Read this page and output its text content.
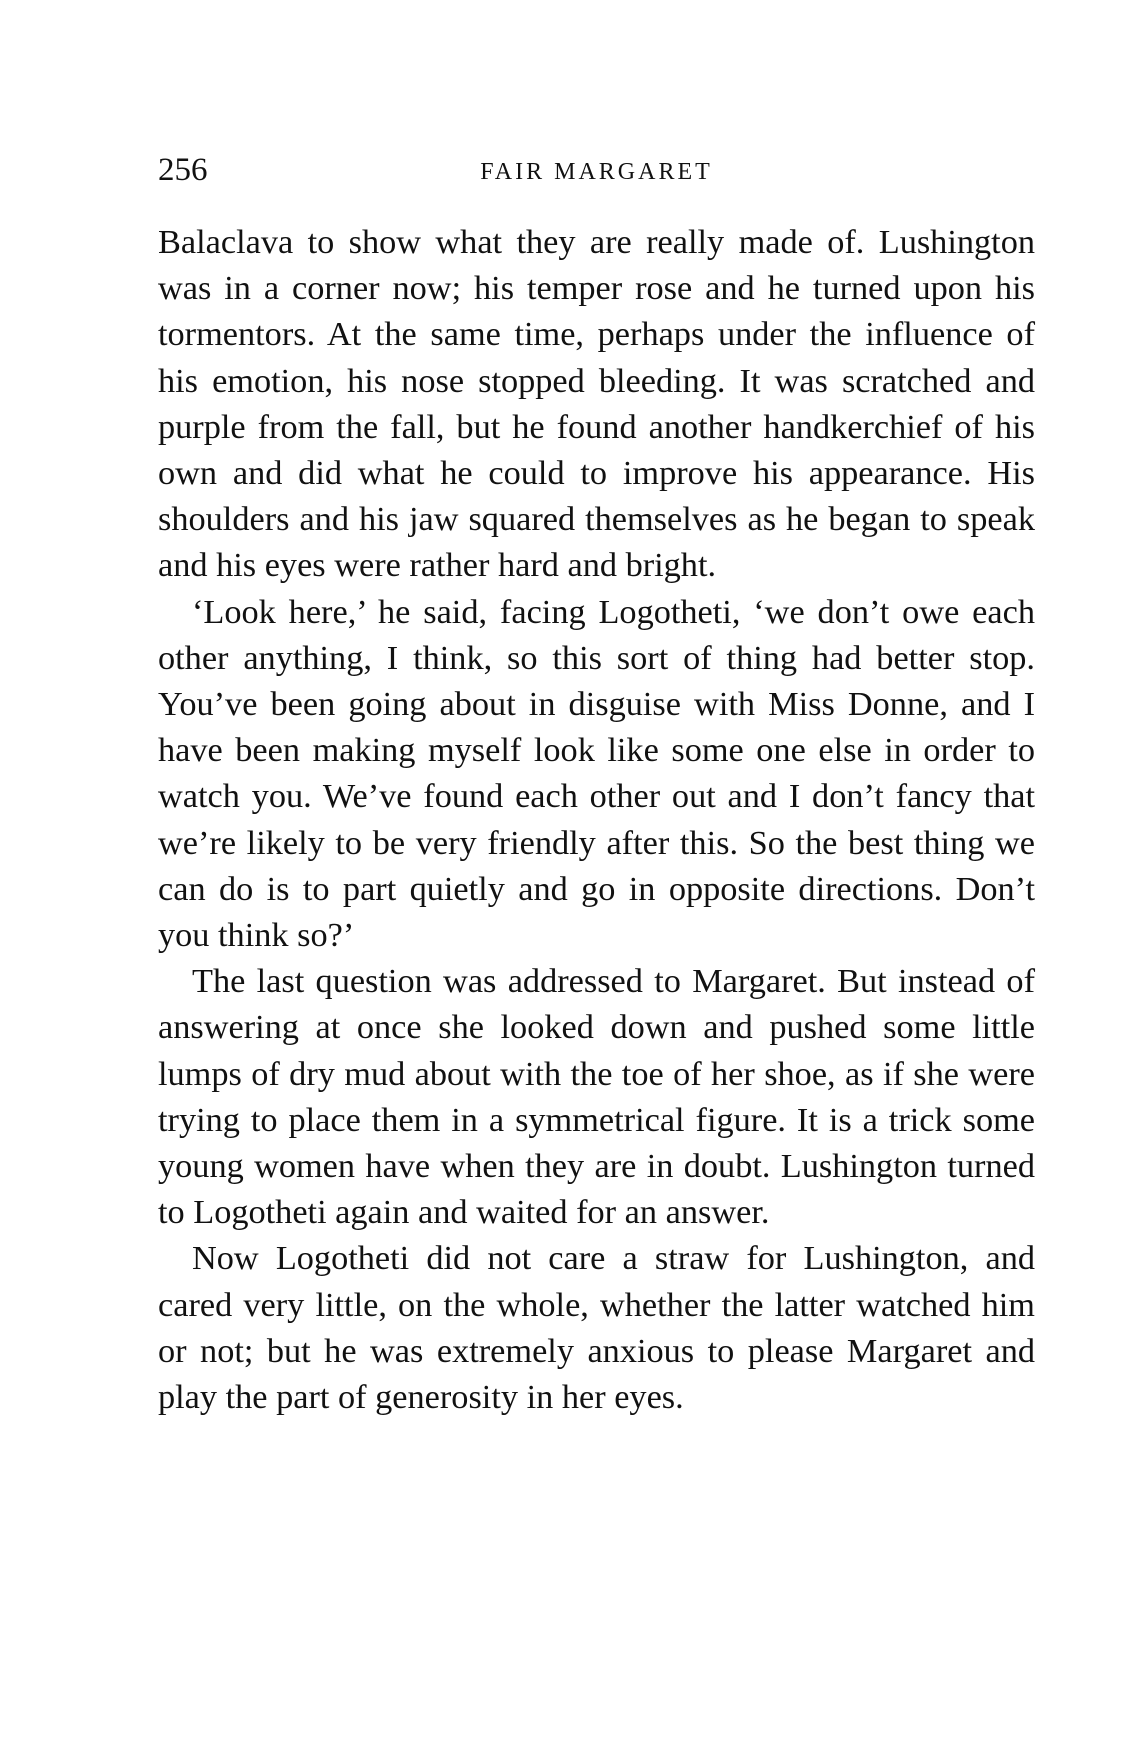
256	FAIR MARGARET

Balaclava to show what they are really made of. Lushington was in a corner now; his temper rose and he turned upon his tormentors. At the same time, perhaps under the influence of his emotion, his nose stopped bleeding. It was scratched and purple from the fall, but he found another handkerchief of his own and did what he could to improve his appearance. His shoulders and his jaw squared themselves as he began to speak and his eyes were rather hard and bright.

‘Look here,’ he said, facing Logotheti, ‘we don’t owe each other anything, I think, so this sort of thing had better stop. You’ve been going about in disguise with Miss Donne, and I have been making myself look like some one else in order to watch you. We’ve found each other out and I don’t fancy that we’re likely to be very friendly after this. So the best thing we can do is to part quietly and go in opposite directions. Don’t you think so?’

The last question was addressed to Margaret. But instead of answering at once she looked down and pushed some little lumps of dry mud about with the toe of her shoe, as if she were trying to place them in a symmetrical figure. It is a trick some young women have when they are in doubt. Lushington turned to Logotheti again and waited for an answer.

Now Logotheti did not care a straw for Lushington, and cared very little, on the whole, whether the latter watched him or not; but he was extremely anxious to please Margaret and play the part of generosity in her eyes.
